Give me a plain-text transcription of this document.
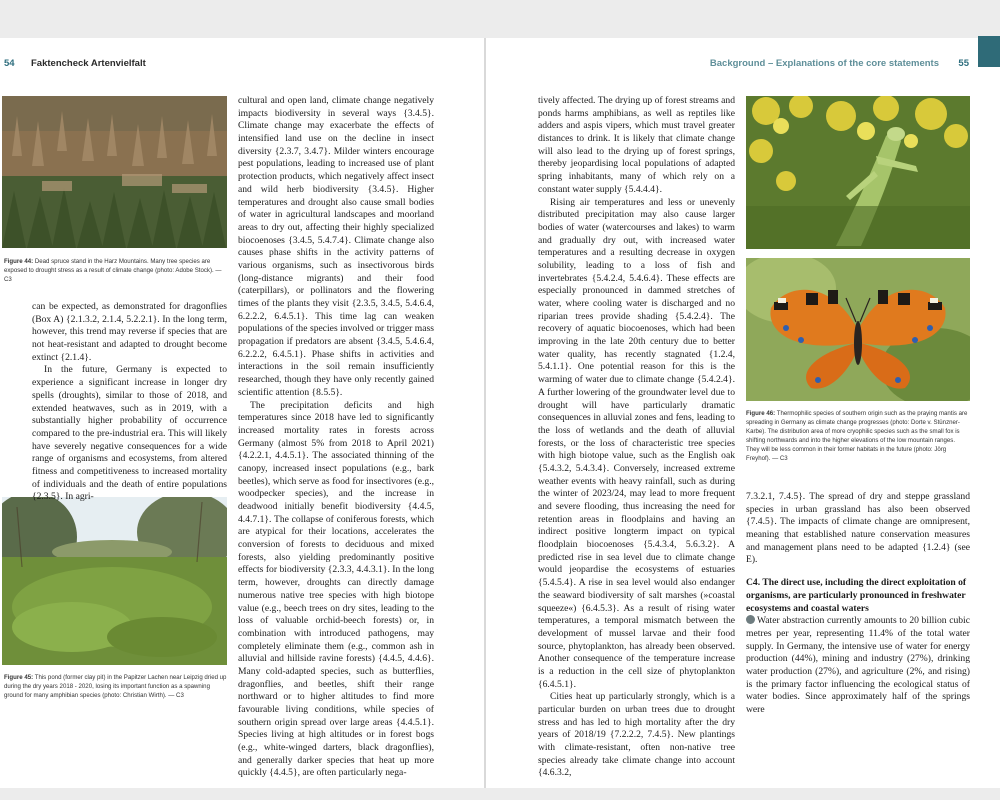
54 Faktencheck Artenvielfalt	Background – Explanations of the core statements 55
Figure 44: Dead spruce stand in the Harz Mountains. Many tree species are exposed to drought stress as a result of climate change (photo: Adobe Stock). — C3
Figure 45: This pond (former clay pit) in the Papitzer Lachen near Leipzig dried up during the dry years 2018 - 2020, losing its important function as a spawning ground for many amphibian species (photo: Christian Wirth). — C3

can be expected, as demonstrated for dragonflies (Box A) {2.1.3.2, 2.1.4, 5.2.2.1}. In the long term, however, this trend may reverse if species that are not heat-resistant and adapted to drought become extinct {2.1.4}.

In the future, Germany is expected to experience a significant increase in longer dry spells (droughts), similar to those of 2018, and extended heatwaves, such as in 2019, with a substantially higher probability of occurrence compared to the pre-industrial era. This will likely have severely negative consequences for a wide range of organisms and ecosystems, from altered fitness and competitiveness to increased mortality of individuals and the death of entire populations {2.3.5}. In agri-

cultural and open land, climate change negatively impacts biodiversity in several ways {3.4.5}. Climate change may exacerbate the effects of intensified land use on the decline in insect diversity {2.3.7, 3.4.7}. Milder winters encourage pest populations, leading to increased use of plant protection products, which negatively affect insect and wild herb biodiversity {3.4.5}. Higher temperatures and drought also cause small bodies of water in agricultural landscapes and moorland areas to dry out, affecting their highly specialized biocoenoses {3.4.5, 5.4.7.4}. Climate change also causes phase shifts in the activity patterns of various organisms, such as insectivorous birds (long-distance migrants) and their food (caterpillars), or pollinators and the flowering times of the plants they visit {2.3.5, 3.4.5, 5.4.6.4, 6.2.2.2, 6.4.5.1}. This time lag can weaken populations of the species involved or trigger mass propagation if predators are absent {3.4.5, 5.4.6.4, 6.2.2.2, 6.4.5.1}. Phase shifts in activities and interactions in the soil remain insufficiently researched, though they have only recently gained scientific attention {8.5.5}.

The precipitation deficits and high temperatures since 2018 have led to significantly increased mortality rates in forests across Germany (almost 5% from 2018 to April 2021) {4.2.2.1, 4.4.5.1}. The associated thinning of the canopy, increased insect populations (e.g., bark beetles), which serve as food for insectivores (e.g., woodpecker species), and the increase in deadwood initially benefit biodiversity {4.4.5, 4.4.7.1}. The collapse of coniferous forests, which are atypical for their locations, accelerates the conversion of forests to deciduous and mixed forests, also yielding predominantly positive effects for biodiversity {2.3.3, 4.4.3.1}. In the long term, however, droughts can directly damage numerous native tree species with high biotope value (e.g., beech trees on dry sites, leading to the loss of valuable orchid-beech forests) or, in combination with introduced pathogens, may completely eliminate them (e.g., common ash in alluvial and hillside ravine forests) {4.4.5, 4.4.6}. Many cold-adapted species, such as butterflies, dragonflies, and beetles, shift their range northward or to higher altitudes to find more favourable living conditions, while species of southern origin spread over large areas {4.4.5.1}. Species living at high altitudes or in forest bogs (e.g., white-winged darters, black dragonflies), and generally darker species that heat up more quickly {4.4.5}, are often particularly nega-

tively affected. The drying up of forest streams and ponds harms amphibians, as well as reptiles like adders and aspis vipers, which must travel greater distances to drink. It is likely that climate change will also lead to the drying up of forest springs, thereby jeopardising local populations of adapted spring inhabitants, many of which rely on a constant water supply {5.4.4.4}.

Rising air temperatures and less or unevenly distributed precipitation may also cause larger bodies of water (watercourses and lakes) to warm and gradually dry out, with increased water temperatures and a resulting decrease in oxygen solubility, leading to a loss of fish and invertebrates {5.4.2.4, 5.4.6.4}. These effects are especially pronounced in dammed stretches of water, where cooling water is discharged and no riparian trees provide shading {5.4.2.4}. The recovery of aquatic biocoenoses, which had been improving in the late 20th century due to better water quality, has recently stagnated {1.2.4, 5.4.1.1}. One potential reason for this is the warming of water due to climate change {5.4.2.4}. A further lowering of the groundwater level due to drought will have particularly dramatic consequences in alluvial zones and fens, leading to the loss of wetlands and the death of alluvial forests, or the loss of characteristic tree species with high biotope value, such as the English oak {5.4.3.2, 5.4.3.4}. Conversely, increased extreme weather events with heavy rainfall, such as during the winter of 2023/24, may lead to more frequent and severe flooding, thus increasing the need for retention areas in floodplains and having an indirect positive longterm impact on typical floodplain biocoenoses {5.4.3.4, 5.6.3.2}. A predicted rise in sea level due to climate change would jeopardise the ecosystems of estuaries {5.4.5.4}. A rise in sea level would also endanger the seaward biodiversity of salt marshes (»coastal squeeze«) {6.4.5.3}. As a result of rising water temperatures, a temporal mismatch between the development of mussel larvae and their food source, phytoplankton, has already been observed. Another consequence of the temperature increase is a reduction in the cell size of phytoplankton {6.4.5.1}.

Cities heat up particularly strongly, which is a particular burden on urban trees due to drought stress and has led to high mortality after the dry years of 2018/19 {7.2.2.2, 7.4.5}. New plantings with climate-resistant, often non-native tree species already take climate change into account {4.6.3.2,

Figure 46: Thermophilic species of southern origin such as the praying mantis are spreading in Germany as climate change progresses (photo: Dorte v. Stünzner-Karbe). The distribution area of more cryophilic species such as the small fox is shifting northwards and into the higher elevations of the low mountain ranges. They will be less common in their former habitats in the future (photo: Jörg Freyhof). — C3

7.3.2.1, 7.4.5}. The spread of dry and steppe grassland species in urban grassland has also been observed {7.4.5}. The impacts of climate change are omnipresent, meaning that established nature conservation measures and management plans need to be adapted {1.2.4} (see E).

C4. The direct use, including the direct exploitation of organisms, are particularly pronounced in freshwater ecosystems and coastal waters

Water abstraction currently amounts to 20 billion cubic metres per year, representing 11.4% of the total water supply. In Germany, the intensive use of water for energy production (44%), mining and industry (27%), drinking water production (27%), and agriculture (2%, and rising) is the primary factor influencing the ecological status of water bodies. Since approximately half of the springs were
